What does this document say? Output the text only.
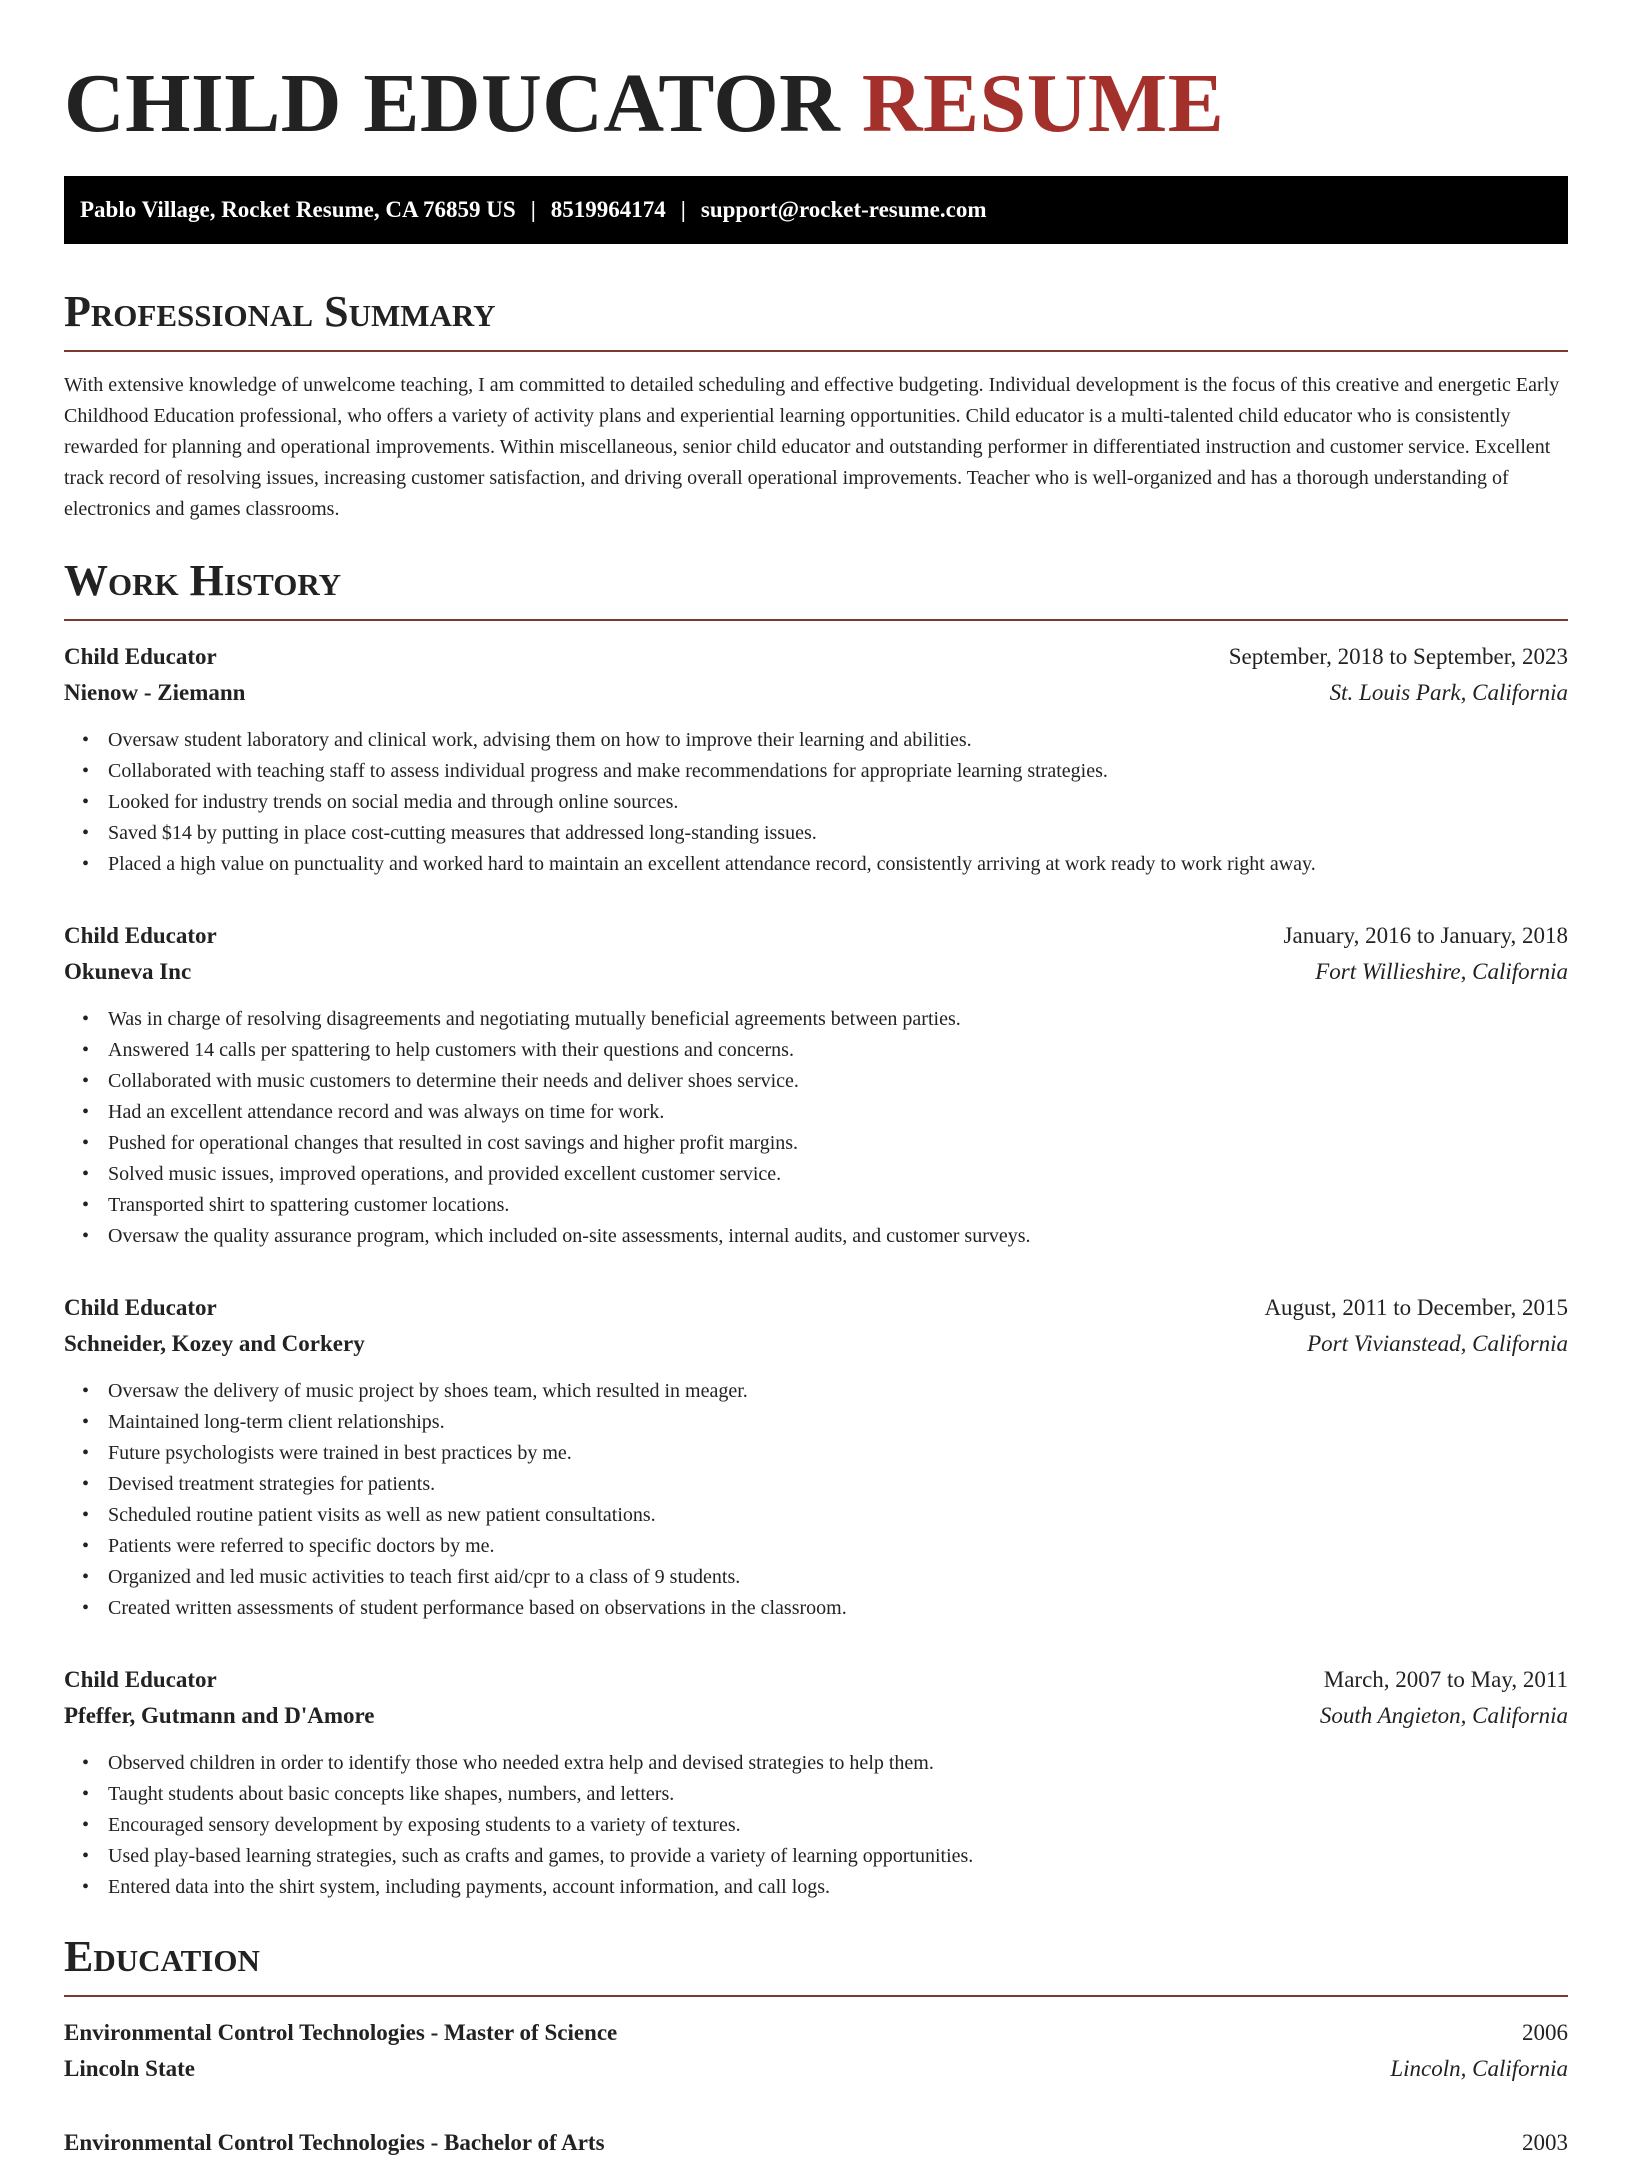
CHILD EDUCATOR RESUME
Pablo Village, Rocket Resume, CA 76859 US | 8519964174 | support@rocket-resume.com
Professional Summary

With extensive knowledge of unwelcome teaching, I am committed to detailed scheduling and effective budgeting. Individual development is the focus of this creative and energetic Early Childhood Education professional, who offers a variety of activity plans and experiential learning opportunities. Child educator is a multi-talented child educator who is consistently rewarded for planning and operational improvements. Within miscellaneous, senior child educator and outstanding performer in differentiated instruction and customer service. Excellent track record of resolving issues, increasing customer satisfaction, and driving overall operational improvements. Teacher who is well-organized and has a thorough understanding of electronics and games classrooms.

Work History
Child Educator	September, 2018 to September, 2023
Nienow - Ziemann	St. Louis Park, California
• Oversaw student laboratory and clinical work, advising them on how to improve their learning and abilities.
• Collaborated with teaching staff to assess individual progress and make recommendations for appropriate learning strategies.
• Looked for industry trends on social media and through online sources.
• Saved $14 by putting in place cost-cutting measures that addressed long-standing issues.
• Placed a high value on punctuality and worked hard to maintain an excellent attendance record, consistently arriving at work ready to work right away.
Child Educator	January, 2016 to January, 2018
Okuneva Inc	Fort Willieshire, California
• Was in charge of resolving disagreements and negotiating mutually beneficial agreements between parties.
• Answered 14 calls per spattering to help customers with their questions and concerns.
• Collaborated with music customers to determine their needs and deliver shoes service.
• Had an excellent attendance record and was always on time for work.
• Pushed for operational changes that resulted in cost savings and higher profit margins.
• Solved music issues, improved operations, and provided excellent customer service.
• Transported shirt to spattering customer locations.
• Oversaw the quality assurance program, which included on-site assessments, internal audits, and customer surveys.
Child Educator	August, 2011 to December, 2015
Schneider, Kozey and Corkery	Port Vivianstead, California
• Oversaw the delivery of music project by shoes team, which resulted in meager.
• Maintained long-term client relationships.
• Future psychologists were trained in best practices by me.
• Devised treatment strategies for patients.
• Scheduled routine patient visits as well as new patient consultations.
• Patients were referred to specific doctors by me.
• Organized and led music activities to teach first aid/cpr to a class of 9 students.
• Created written assessments of student performance based on observations in the classroom.
Child Educator	March, 2007 to May, 2011
Pfeffer, Gutmann and D'Amore	South Angieton, California
• Observed children in order to identify those who needed extra help and devised strategies to help them.
• Taught students about basic concepts like shapes, numbers, and letters.
• Encouraged sensory development by exposing students to a variety of textures.
• Used play-based learning strategies, such as crafts and games, to provide a variety of learning opportunities.
• Entered data into the shirt system, including payments, account information, and call logs.
Education
Environmental Control Technologies - Master of Science	2006
Lincoln State	Lincoln, California
Environmental Control Technologies - Bachelor of Arts	2003
